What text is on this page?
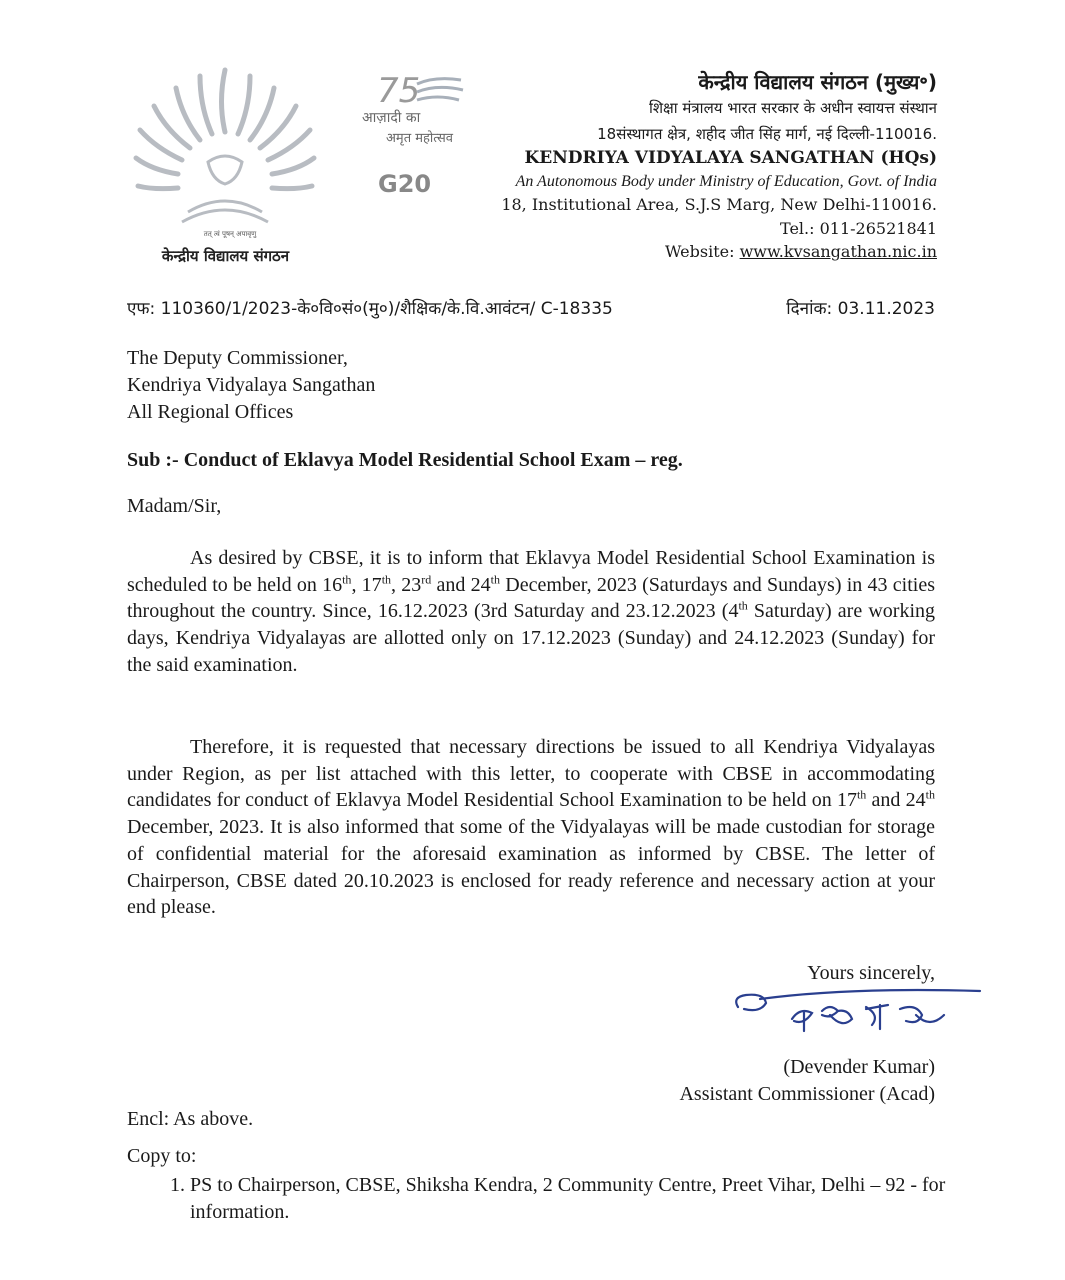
तत् त्वं पूषन् अपावृणु
केन्द्रीय विद्यालय संगठन
75
आज़ादी का
अमृत महोत्सव
G20
केन्द्रीय विद्यालय संगठन (मुख्य॰)
शिक्षा मंत्रालय भारत सरकार के अधीन स्वायत्त संस्थान
18संस्थागत क्षेत्र, शहीद जीत सिंह मार्ग, नई दिल्ली-110016.
KENDRIYA VIDYALAYA SANGATHAN (HQs)
An Autonomous Body under Ministry of Education, Govt. of India
18, Institutional Area, S.J.S Marg, New Delhi-110016.
Tel.: 011-26521841
Website: www.kvsangathan.nic.in
एफ: 110360/1/2023-के०वि०सं०(मु०)/शैक्षिक/के.वि.आवंटन/ C-18335	दिनांक: 03.11.2023
The Deputy Commissioner,
Kendriya Vidyalaya Sangathan
All Regional Offices
Sub :- Conduct of Eklavya Model Residential School Exam – reg.
Madam/Sir,
As desired by CBSE, it is to inform that Eklavya Model Residential School Examination is scheduled to be held on 16th, 17th, 23rd and 24th December, 2023 (Saturdays and Sundays) in 43 cities throughout the country. Since, 16.12.2023 (3rd Saturday and 23.12.2023 (4th Saturday) are working days, Kendriya Vidyalayas are allotted only on 17.12.2023 (Sunday) and 24.12.2023 (Sunday) for the said examination.
Therefore, it is requested that necessary directions be issued to all Kendriya Vidyalayas under Region, as per list attached with this letter, to cooperate with CBSE in accommodating candidates for conduct of Eklavya Model Residential School Examination to be held on 17th and 24th December, 2023. It is also informed that some of the Vidyalayas will be made custodian for storage of confidential material for the aforesaid examination as informed by CBSE. The letter of Chairperson, CBSE dated 20.10.2023 is enclosed for ready reference and necessary action at your end please.
Yours sincerely,
(Devender Kumar)
Assistant Commissioner (Acad)
Encl: As above.
Copy to:
1. PS to Chairperson, CBSE, Shiksha Kendra, 2 Community Centre, Preet Vihar, Delhi – 92 - for information.
